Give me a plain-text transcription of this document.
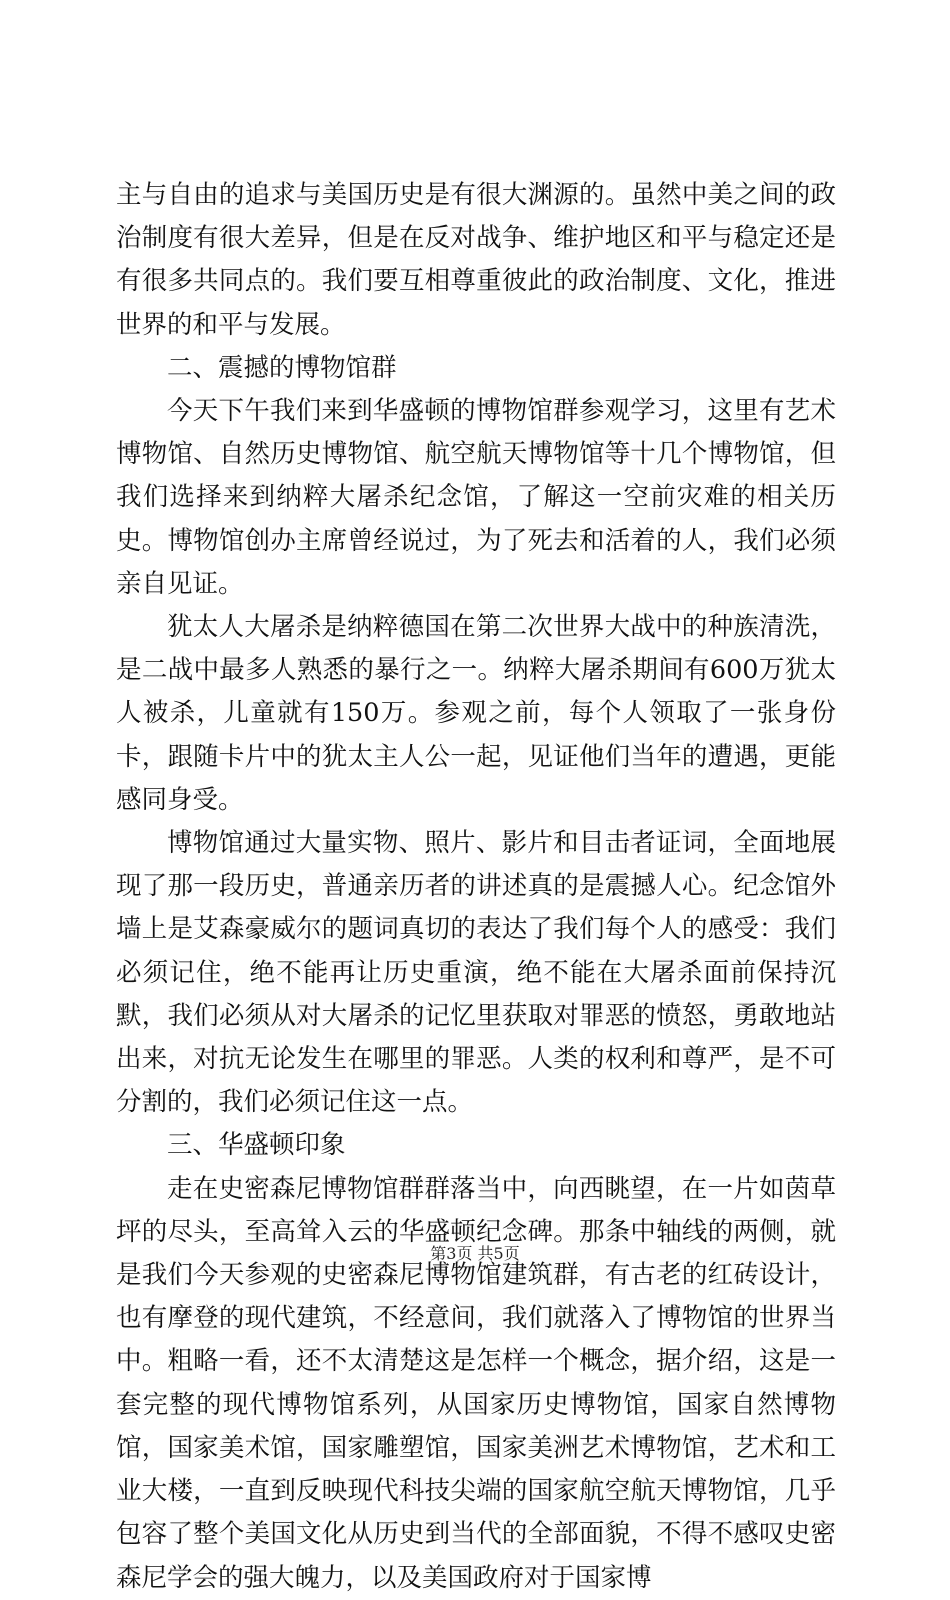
主与自由的追求与美国历史是有很大渊源的。虽然中美之间的政治制度有很大差异，但是在反对战争、维护地区和平与稳定还是有很多共同点的。我们要互相尊重彼此的政治制度、文化，推进世界的和平与发展。

二、震撼的博物馆群

今天下午我们来到华盛顿的博物馆群参观学习，这里有艺术博物馆、自然历史博物馆、航空航天博物馆等十几个博物馆，但我们选择来到纳粹大屠杀纪念馆，了解这一空前灾难的相关历史。博物馆创办主席曾经说过，为了死去和活着的人，我们必须亲自见证。

犹太人大屠杀是纳粹德国在第二次世界大战中的种族清洗，是二战中最多人熟悉的暴行之一。纳粹大屠杀期间有600万犹太人被杀，儿童就有150万。参观之前，每个人领取了一张身份卡，跟随卡片中的犹太主人公一起，见证他们当年的遭遇，更能感同身受。

博物馆通过大量实物、照片、影片和目击者证词，全面地展现了那一段历史，普通亲历者的讲述真的是震撼人心。纪念馆外墙上是艾森豪威尔的题词真切的表达了我们每个人的感受：我们必须记住，绝不能再让历史重演，绝不能在大屠杀面前保持沉默，我们必须从对大屠杀的记忆里获取对罪恶的愤怒，勇敢地站出来，对抗无论发生在哪里的罪恶。人类的权利和尊严，是不可分割的，我们必须记住这一点。

三、华盛顿印象

走在史密森尼博物馆群群落当中，向西眺望，在一片如茵草坪的尽头，至高耸入云的华盛顿纪念碑。那条中轴线的两侧，就是我们今天参观的史密森尼博物馆建筑群，有古老的红砖设计，也有摩登的现代建筑，不经意间，我们就落入了博物馆的世界当中。粗略一看，还不太清楚这是怎样一个概念，据介绍，这是一套完整的现代博物馆系列，从国家历史博物馆，国家自然博物馆，国家美术馆，国家雕塑馆，国家美洲艺术博物馆，艺术和工业大楼，一直到反映现代科技尖端的国家航空航天博物馆，几乎包容了整个美国文化从历史到当代的全部面貌，不得不感叹史密森尼学会的强大魄力，以及美国政府对于国家博

第3页 共5页
